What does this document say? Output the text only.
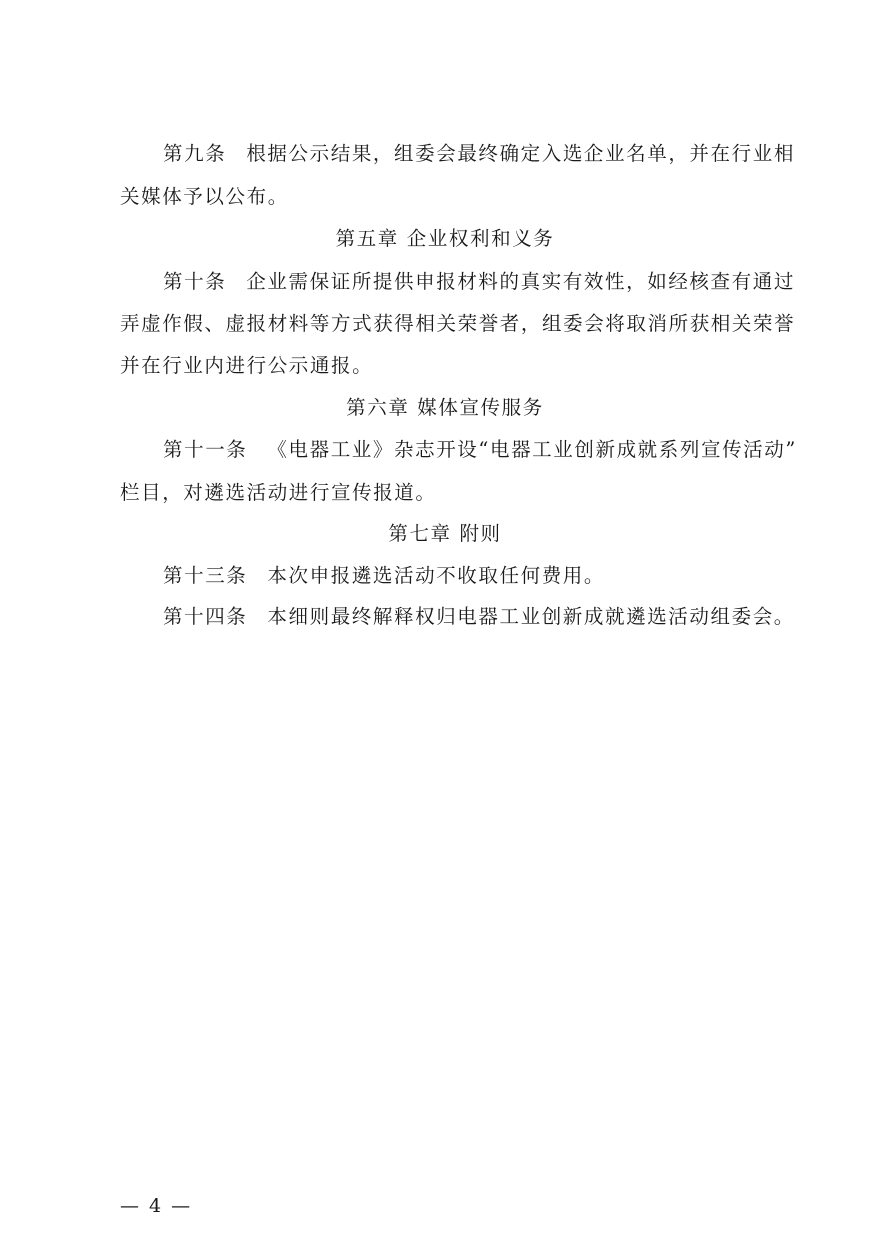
第九条 根据公示结果，组委会最终确定入选企业名单，并在行业相
关媒体予以公布。
第五章 企业权利和义务
第十条 企业需保证所提供申报材料的真实有效性，如经核查有通过
弄虚作假、虚报材料等方式获得相关荣誉者，组委会将取消所获相关荣誉
并在行业内进行公示通报。
第六章 媒体宣传服务
第十一条 《电器工业》杂志开设“电器工业创新成就系列宣传活动”
栏目，对遴选活动进行宣传报道。
第七章 附则
第十三条 本次申报遴选活动不收取任何费用。
第十四条 本细则最终解释权归电器工业创新成就遴选活动组委会。
— 4 —
